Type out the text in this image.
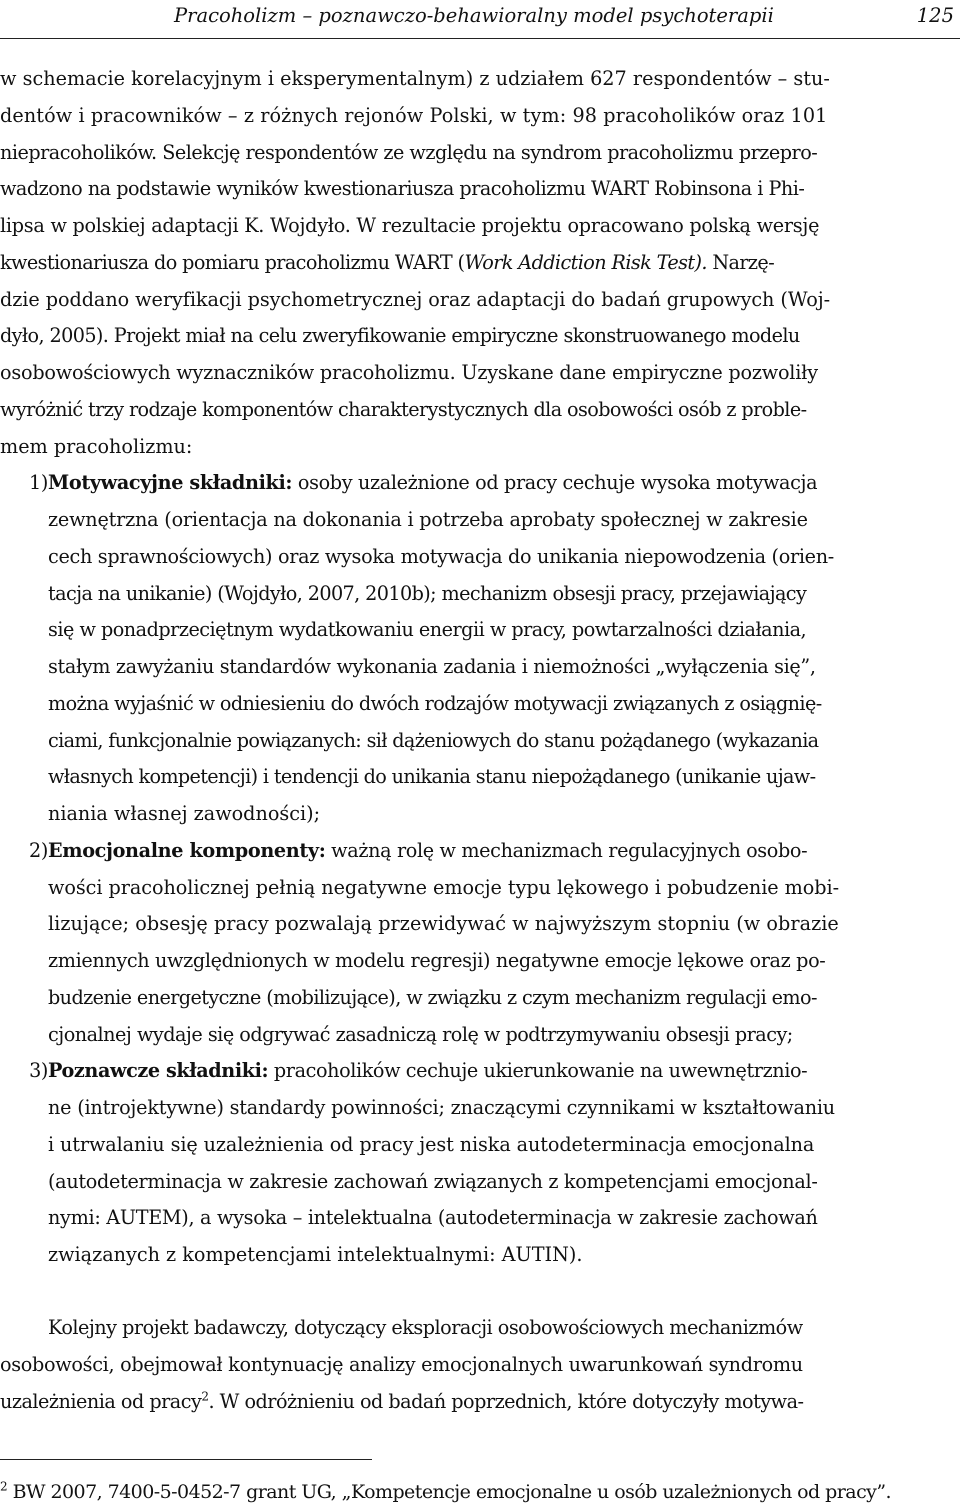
Pracoholizm – poznawczo-behawioralny model psychoterapii	125
w schemacie korelacyjnym i eksperymentalnym) z udziałem 627 respondentów – stu-
dentów i pracowników – z różnych rejonów Polski, w tym: 98 pracoholików oraz 101
niepracoholików. Selekcję respondentów ze względu na syndrom pracoholizmu przepro-
wadzono na podstawie wyników kwestionariusza pracoholizmu WART Robinsona i Phi-
lipsa w polskiej adaptacji K. Wojdyło. W rezultacie projektu opracowano polską wersję
kwestionariusza do pomiaru pracoholizmu WART (Work Addiction Risk Test). Narzę-
dzie poddano weryfikacji psychometrycznej oraz adaptacji do badań grupowych (Woj-
dyło, 2005). Projekt miał na celu zweryfikowanie empiryczne skonstruowanego modelu
osobowościowych wyznaczników pracoholizmu. Uzyskane dane empiryczne pozwoliły
wyróżnić trzy rodzaje komponentów charakterystycznych dla osobowości osób z proble-
mem pracoholizmu:
1)Motywacyjne składniki: osoby uzależnione od pracy cechuje wysoka motywacja
zewnętrzna (orientacja na dokonania i potrzeba aprobaty społecznej w zakresie
cech sprawnościowych) oraz wysoka motywacja do unikania niepowodzenia (orien-
tacja na unikanie) (Wojdyło, 2007, 2010b); mechanizm obsesji pracy, przejawiający
się w ponadprzeciętnym wydatkowaniu energii w pracy, powtarzalności działania,
stałym zawyżaniu standardów wykonania zadania i niemożności „wyłączenia się”,
można wyjaśnić w odniesieniu do dwóch rodzajów motywacji związanych z osiągnię-
ciami, funkcjonalnie powiązanych: sił dążeniowych do stanu pożądanego (wykazania
własnych kompetencji) i tendencji do unikania stanu niepożądanego (unikanie ujaw-
niania własnej zawodności);
2)Emocjonalne komponenty: ważną rolę w mechanizmach regulacyjnych osobo-
wości pracoholicznej pełnią negatywne emocje typu lękowego i pobudzenie mobi-
lizujące; obsesję pracy pozwalają przewidywać w najwyższym stopniu (w obrazie
zmiennych uwzględnionych w modelu regresji) negatywne emocje lękowe oraz po-
budzenie energetyczne (mobilizujące), w związku z czym mechanizm regulacji emo-
cjonalnej wydaje się odgrywać zasadniczą rolę w podtrzymywaniu obsesji pracy;
3)Poznawcze składniki: pracoholików cechuje ukierunkowanie na uwewnętrznio-
ne (introjektywne) standardy powinności; znaczącymi czynnikami w kształtowaniu
i utrwalaniu się uzależnienia od pracy jest niska autodeterminacja emocjonalna
(autodeterminacja w zakresie zachowań związanych z kompetencjami emocjonal-
nymi: AUTEM), a wysoka – intelektualna (autodeterminacja w zakresie zachowań
związanych z kompetencjami intelektualnymi: AUTIN).
Kolejny projekt badawczy, dotyczący eksploracji osobowościowych mechanizmów
osobowości, obejmował kontynuację analizy emocjonalnych uwarunkowań syndromu
uzależnienia od pracy$^2$. W odróżnieniu od badań poprzednich, które dotyczyły motywa-
$^2$ BW 2007, 7400-5-0452-7 grant UG, „Kompetencje emocjonalne u osób uzależnionych od pracy”.
